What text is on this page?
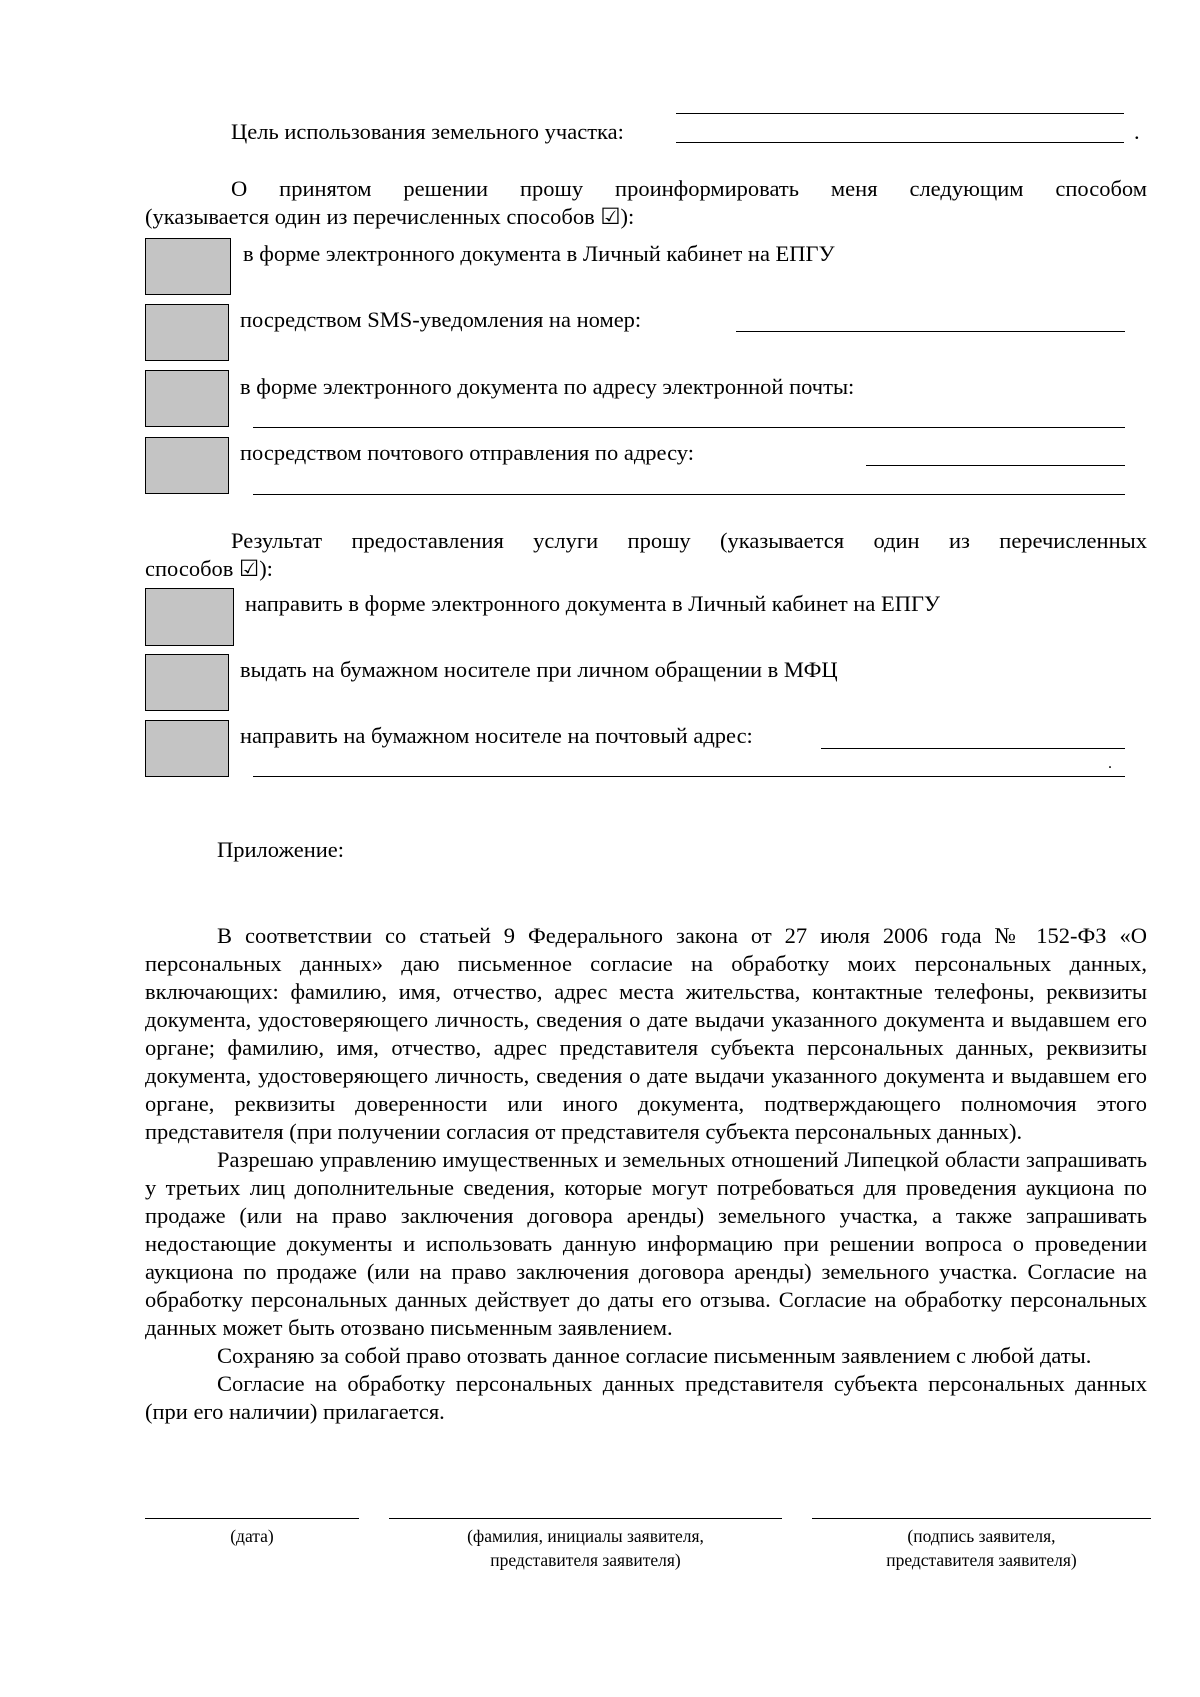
Цель использования земельного участка:	.
О принятом решении прошу проинформировать меня следующим способом
(указывается один из перечисленных способов ☑):
в форме электронного документа в Личный кабинет на ЕПГУ
посредством SMS-уведомления на номер:
в форме электронного документа по адресу электронной почты:
посредством почтового отправления по адресу:
Результат предоставления услуги прошу (указывается один из перечисленных
способов ☑):
направить в форме электронного документа в Личный кабинет на ЕПГУ
выдать на бумажном носителе при личном обращении в МФЦ
направить на бумажном носителе на почтовый адрес:
.
Приложение:

В соответствии со статьей 9 Федерального закона от 27 июля 2006 года № 152-ФЗ «О персональных данных» даю письменное согласие на обработку моих персональных данных, включающих: фамилию, имя, отчество, адрес места жительства, контактные телефоны, реквизиты документа, удостоверяющего личность, сведения о дате выдачи указанного документа и выдавшем его органе; фамилию, имя, отчество, адрес представителя субъекта персональных данных, реквизиты документа, удостоверяющего личность, сведения о дате выдачи указанного документа и выдавшем его органе, реквизиты доверенности или иного документа, подтверждающего полномочия этого представителя (при получении согласия от представителя субъекта персональных данных).

Разрешаю управлению имущественных и земельных отношений Липецкой области запрашивать у третьих лиц дополнительные сведения, которые могут потребоваться для проведения аукциона по продаже (или на право заключения договора аренды) земельного участка, а также запрашивать недостающие документы и использовать данную информацию при решении вопроса о проведении аукциона по продаже (или на право заключения договора аренды) земельного участка. Согласие на обработку персональных данных действует до даты его отзыва. Согласие на обработку персональных данных может быть отозвано письменным заявлением.

Сохраняю за собой право отозвать данное согласие письменным заявлением с любой даты.

Согласие на обработку персональных данных представителя субъекта персональных данных (при его наличии) прилагается.

(дата)	(фамилия, инициалы заявителя,
представителя заявителя)
(подпись заявителя,
представителя заявителя)
